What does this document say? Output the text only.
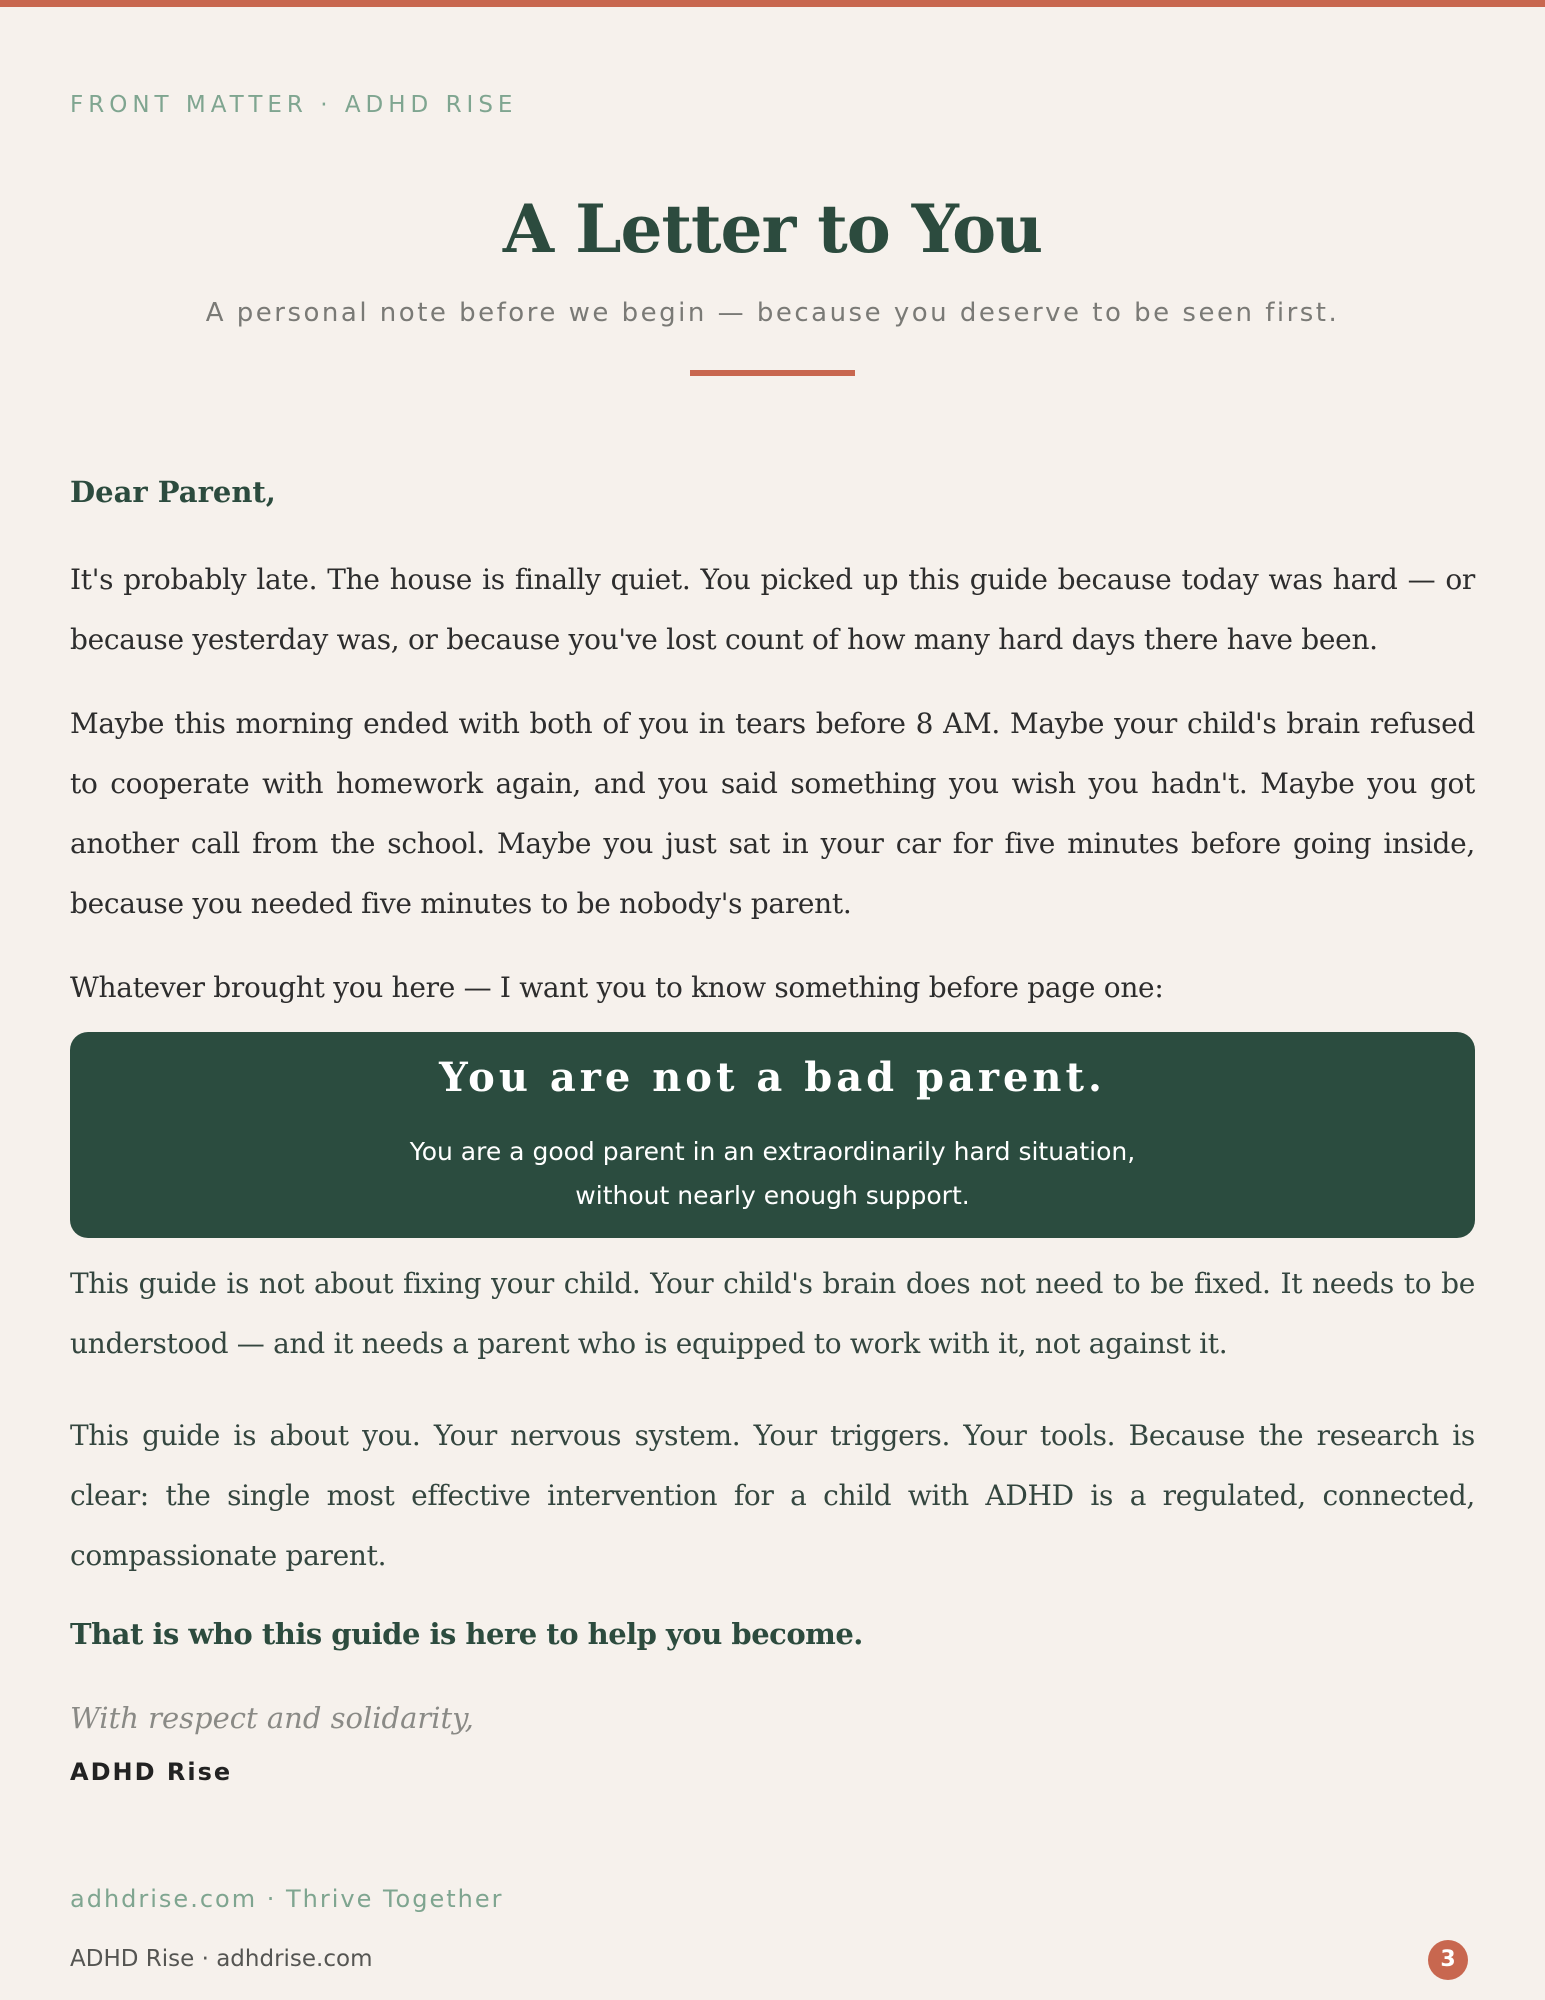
FRONT MATTER · ADHD RISE
A Letter to You
A personal note before we begin — because you deserve to be seen first.

Dear Parent,

It's probably late. The house is finally quiet. You picked up this guide because today was hard — or because yesterday was, or because you've lost count of how many hard days there have been.

Maybe this morning ended with both of you in tears before 8 AM. Maybe your child's brain refused to cooperate with homework again, and you said something you wish you hadn't. Maybe you got another call from the school. Maybe you just sat in your car for five minutes before going inside, because you needed five minutes to be nobody's parent.

Whatever brought you here — I want you to know something before page one:

You are not a bad parent.
You are a good parent in an extraordinarily hard situation,
without nearly enough support.

This guide is not about fixing your child. Your child's brain does not need to be fixed. It needs to be understood — and it needs a parent who is equipped to work with it, not against it.

This guide is about you. Your nervous system. Your triggers. Your tools. Because the research is clear: the single most effective intervention for a child with ADHD is a regulated, connected, compassionate parent.

That is who this guide is here to help you become.

With respect and solidarity,

ADHD Rise
adhdrise.com · Thrive Together
ADHD Rise · adhdrise.com	3
